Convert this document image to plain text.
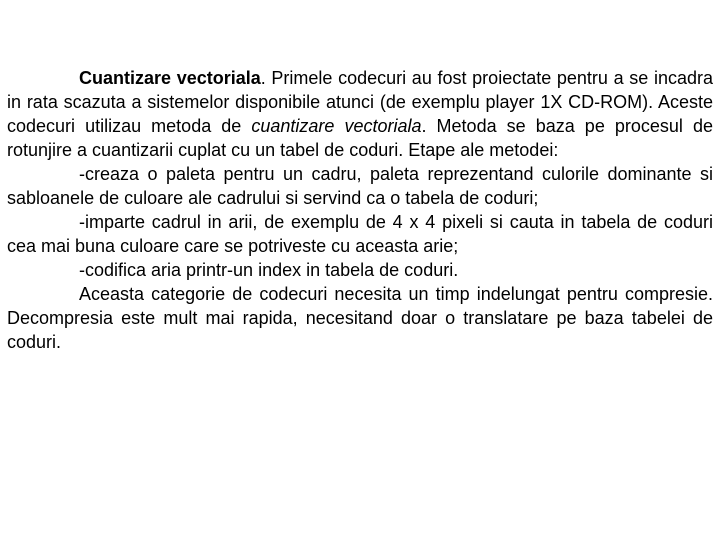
Cuantizare vectoriala. Primele codecuri au fost proiectate pentru a se incadra in rata scazuta a sistemelor disponibile atunci (de exemplu player 1X CD-ROM). Aceste codecuri utilizau metoda de cuantizare vectoriala. Metoda se baza pe procesul de rotunjire a cuantizarii cuplat cu un tabel de coduri. Etape ale metodei:

-creaza o paleta pentru un cadru, paleta reprezentand culorile dominante si sabloanele de culoare ale cadrului si servind ca o tabela de coduri;

-imparte cadrul in arii, de exemplu de 4 x 4 pixeli si cauta in tabela de coduri cea mai buna culoare care se potriveste cu aceasta arie;

-codifica aria printr-un index in tabela de coduri.

Aceasta categorie de codecuri necesita un timp indelungat pentru compresie. Decompresia este mult mai rapida, necesitand doar o translatare pe baza tabelei de coduri.
